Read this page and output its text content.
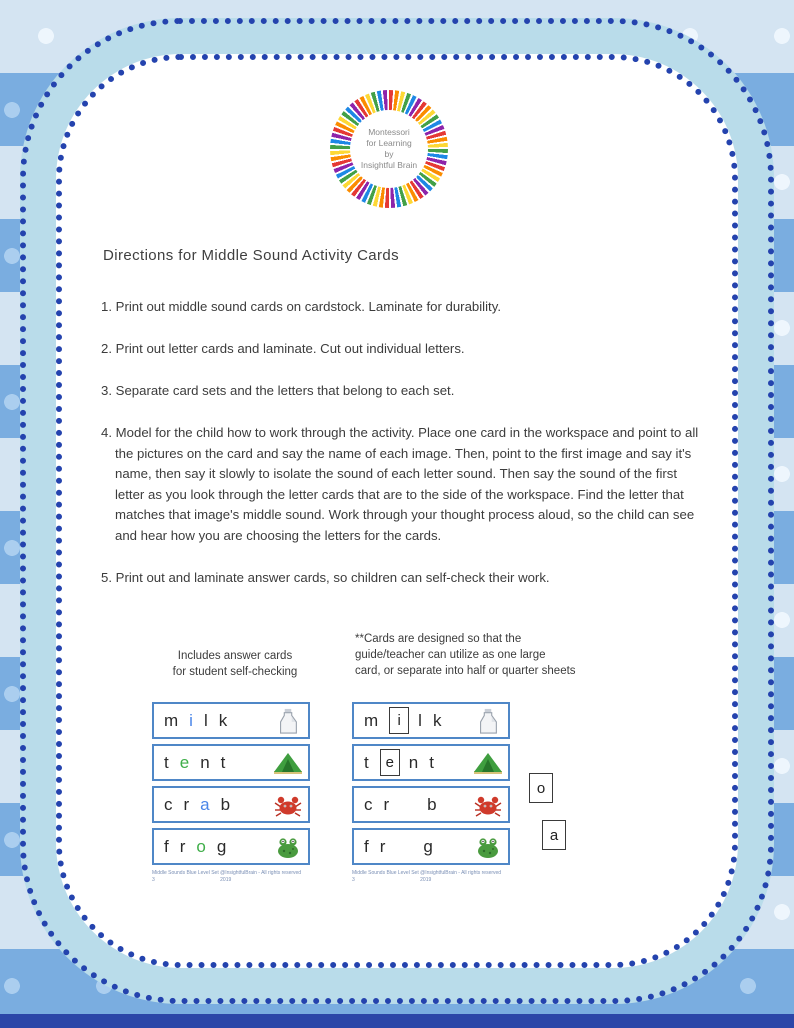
Montessori
for Learning
by
Insightful Brain
Directions for Middle Sound Activity Cards

1. Print out middle sound cards on cardstock. Laminate for durability.

2. Print out letter cards and laminate. Cut out individual letters.

3. Separate card sets and the letters that belong to each set.

4. Model for the child how to work through the activity. Place one card in the workspace and point to all the pictures on the card and say the name of each image. Then, point to the first image and say it's name, then say it slowly to isolate the sound of each letter sound. Then say the sound of the first letter as you look through the letter cards that are to the side of the workspace. Find the letter that matches that image's middle sound. Work through your thought process aloud, so the child can see and hear how you are choosing the letters for the cards.

5. Print out and laminate answer cards, so children can self-check their work.

Includes answer cards
for student self-checking
**Cards are designed so that the
guide/teacher can utilize as one large
card, or separate into half or quarter sheets
m i l k
t e n t
c r a b
f r o g
Middle Sounds Blue Level Set 3
@InsightfulBrain - All rights reserved 2019
m	i	l k
t	e n t
c r b
f r g
Middle Sounds Blue Level Set 3
@InsightfulBrain - All rights reserved 2019
o
a
